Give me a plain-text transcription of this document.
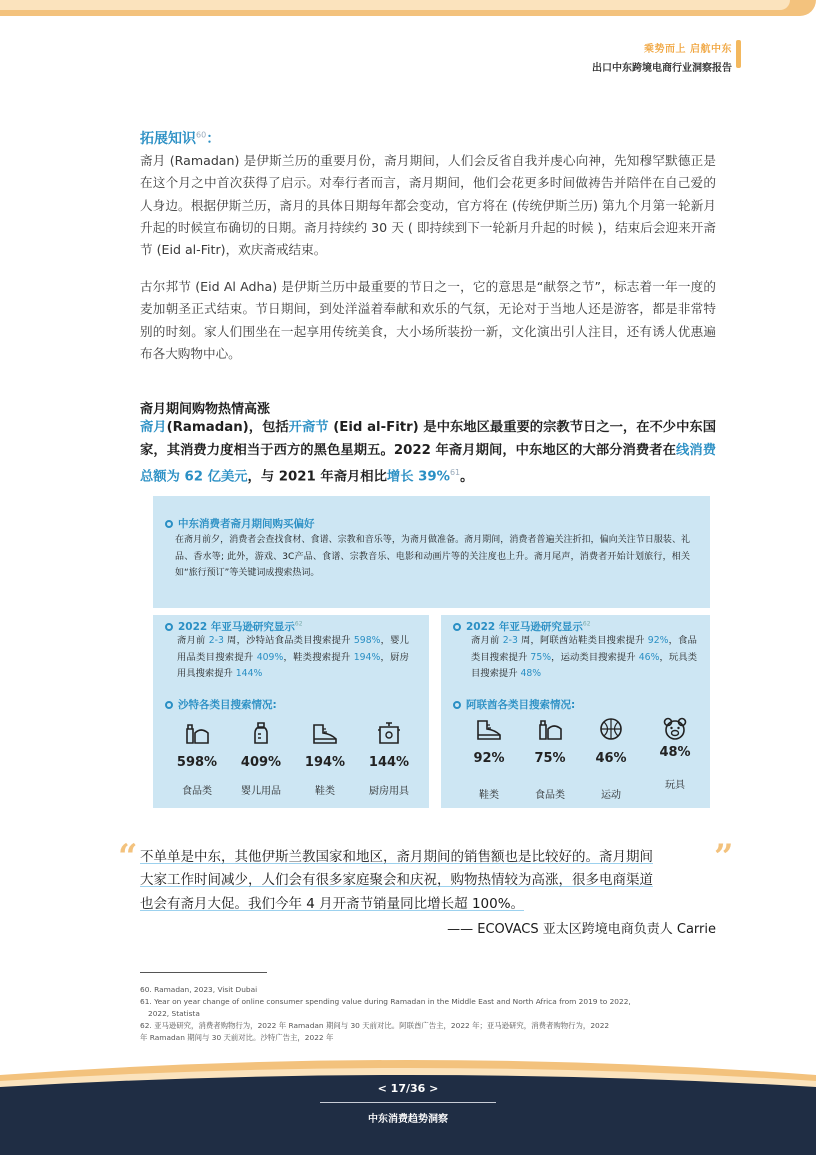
乘势而上 启航中东
出口中东跨境电商行业洞察报告
拓展知识$^{60}$：

斋月 (Ramadan) 是伊斯兰历的重要月份，斋月期间，人们会反省自我并虔心向神，先知穆罕默德正是在这个月之中首次获得了启示。对奉行者而言，斋月期间，他们会花更多时间做祷告并陪伴在自己爱的人身边。根据伊斯兰历，斋月的具体日期每年都会变动，官方将在 (传统伊斯兰历) 第九个月第一轮新月升起的时候宣布确切的日期。斋月持续约 30 天 ( 即持续到下一轮新月升起的时候 )，结束后会迎来开斋节 (Eid al-Fitr)，欢庆斋戒结束。

古尔邦节 (Eid Al Adha) 是伊斯兰历中最重要的节日之一，它的意思是“献祭之节”，标志着一年一度的麦加朝圣正式结束。节日期间，到处洋溢着奉献和欢乐的气氛，无论对于当地人还是游客，都是非常特别的时刻。家人们围坐在一起享用传统美食，大小场所装扮一新，文化演出引人注目，还有诱人优惠遍布各大购物中心。

斋月期间购物热情高涨

斋月(Ramadan)，包括开斋节 (Eid al-Fitr) 是中东地区最重要的宗教节日之一，在不少中东国家，其消费力度相当于西方的黑色星期五。2022 年斋月期间，中东地区的大部分消费者在线消费总额为 62 亿美元，与 2021 年斋月相比增长 39%$^{61}$。

中东消费者斋月期间购买偏好
在斋月前夕，消费者会查找食材、食谱、宗教和音乐等，为斋月做准备。斋月期间，消费者普遍关注折扣，偏向关注节日服装、礼品、香水等; 此外，游戏、3C产品、食谱、宗教音乐、电影和动画片等的关注度也上升。斋月尾声，消费者开始计划旅行，相关如“旅行预订”等关键词成搜索热词。
2022 年亚马逊研究显示$^{62}$
斋月前 2-3 周，沙特站食品类目搜索提升 598%，婴儿用品类目搜索提升 409%，鞋类搜索提升 194%，厨房用具搜索提升 144%
沙特各类目搜索情况:
598%
食品类
409%
婴儿用品
194%
鞋类
144%
厨房用具
2022 年亚马逊研究显示$^{62}$
斋月前 2-3 周，阿联酋站鞋类目搜索提升 92%，食品类目搜索提升 75%，运动类目搜索提升 46%，玩具类目搜索提升 48%
阿联酋各类目搜索情况:
92%
鞋类
75%
食品类
46%
运动
48%
玩具
“	”
不单单是中东，其他伊斯兰教国家和地区，斋月期间的销售额也是比较好的。斋月期间
大家工作时间减少，人们会有很多家庭聚会和庆祝，购物热情较为高涨，很多电商渠道
也会有斋月大促。我们今年 4 月开斋节销量同比增长超 100%。
—— ECOVACS 亚太区跨境电商负责人 Carrie
60. Ramadan, 2023, Visit Dubai
61. Year on year change of online consumer spending value during Ramadan in the Middle East and North Africa from 2019 to 2022,
2022, Statista
62. 亚马逊研究，消费者购物行为，2022 年 Ramadan 期间与 30 天前对比。阿联酋广告主，2022 年；亚马逊研究，消费者购物行为，2022
年 Ramadan 期间与 30 天前对比。沙特广告主，2022 年
< 17/36 >
中东消费趋势洞察
